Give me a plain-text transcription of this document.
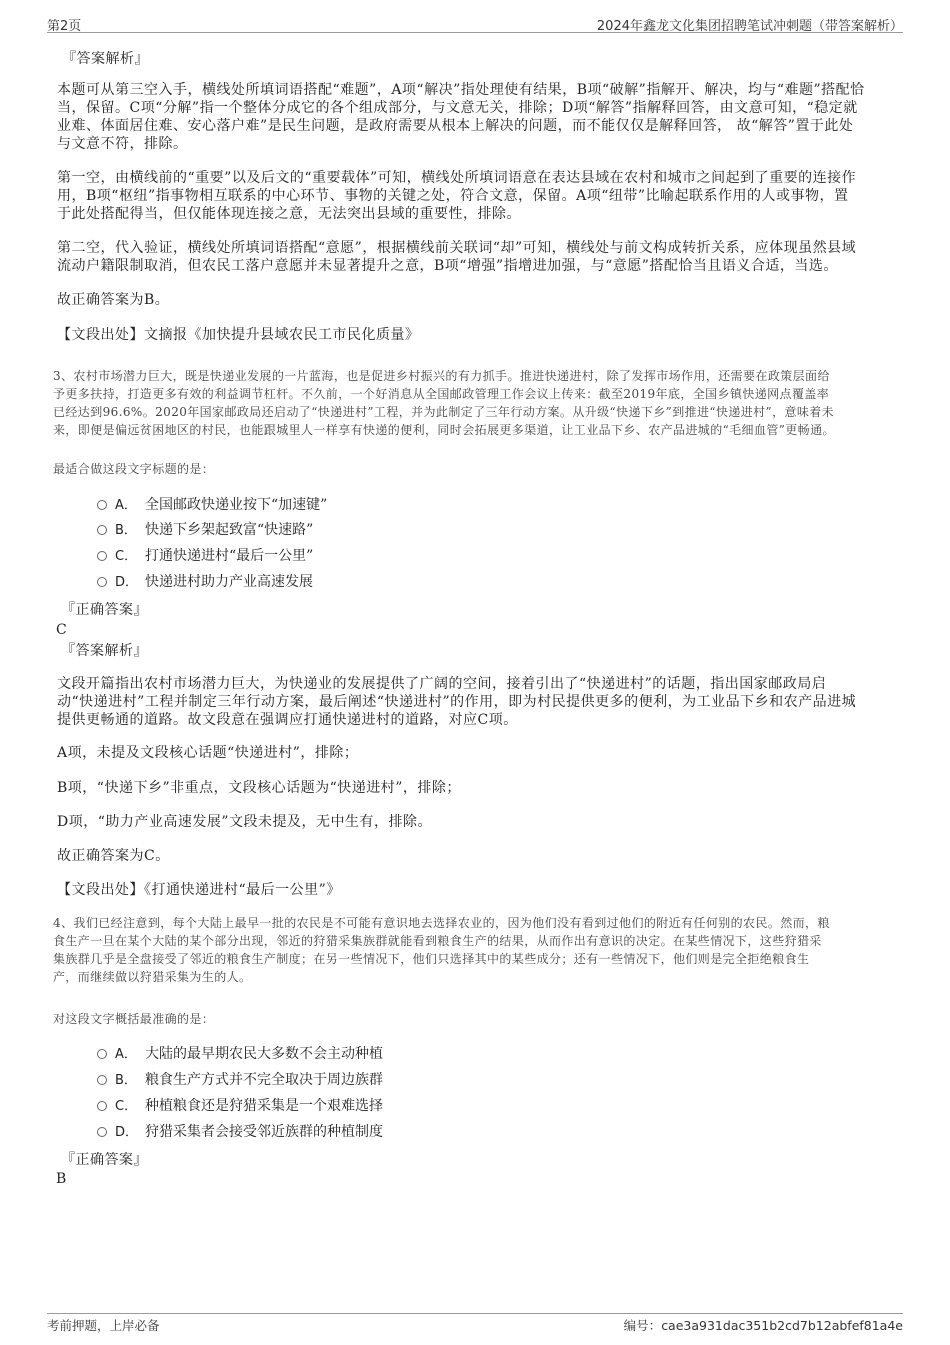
第2页	2024年鑫龙文化集团招聘笔试冲刺题（带答案解析）
『答案解析』
本题可从第三空入手，横线处所填词语搭配“难题”，A项“解决”指处理使有结果，B项“破解”指解开、解决，均与“难题”搭配恰
当，保留。C项“分解”指一个整体分成它的各个组成部分，与文意无关，排除；D项“解答”指解释回答，由文意可知，“稳定就
业难、体面居住难、安心落户难”是民生问题，是政府需要从根本上解决的问题，而不能仅仅是解释回答， 故“解答”置于此处
与文意不符，排除。
第一空，由横线前的“重要”以及后文的“重要载体”可知，横线处所填词语意在表达县域在农村和城市之间起到了重要的连接作
用，B项“枢纽”指事物相互联系的中心环节、事物的关键之处，符合文意，保留。A项“纽带”比喻起联系作用的人或事物，置
于此处搭配得当，但仅能体现连接之意，无法突出县域的重要性，排除。
第二空，代入验证，横线处所填词语搭配“意愿”，根据横线前关联词“却”可知，横线处与前文构成转折关系，应体现虽然县域
流动户籍限制取消，但农民工落户意愿并未显著提升之意，B项“增强”指增进加强，与“意愿”搭配恰当且语义合适，当选。
故正确答案为B。
【文段出处】文摘报《加快提升县域农民工市民化质量》
3、农村市场潜力巨大，既是快递业发展的一片蓝海，也是促进乡村振兴的有力抓手。推进快递进村，除了发挥市场作用，还需要在政策层面给
予更多扶持，打造更多有效的利益调节杠杆。不久前，一个好消息从全国邮政管理工作会议上传来：截至2019年底，全国乡镇快递网点覆盖率
已经达到96.6%。2020年国家邮政局还启动了“快递进村”工程，并为此制定了三年行动方案。从升级“快递下乡”到推进“快递进村”，意味着未
来，即便是偏远贫困地区的村民，也能跟城里人一样享有快递的便利，同时会拓展更多渠道，让工业品下乡、农产品进城的“毛细血管”更畅通。
最适合做这段文字标题的是：
A． 全国邮政快递业按下“加速键”
B． 快递下乡架起致富“快速路”
C． 打通快递进村“最后一公里”
D． 快递进村助力产业高速发展
『正确答案』
C
『答案解析』
文段开篇指出农村市场潜力巨大，为快递业的发展提供了广阔的空间，接着引出了“快递进村”的话题，指出国家邮政局启
动“快递进村”工程并制定三年行动方案，最后阐述“快递进村”的作用，即为村民提供更多的便利，为工业品下乡和农产品进城
提供更畅通的道路。故文段意在强调应打通快递进村的道路，对应C项。
A项，未提及文段核心话题“快递进村”，排除；
B项，“快递下乡”非重点，文段核心话题为“快递进村”，排除；
D项，“助力产业高速发展”文段未提及，无中生有，排除。
故正确答案为C。
【文段出处】《打通快递进村“最后一公里”》
4、我们已经注意到，每个大陆上最早一批的农民是不可能有意识地去选择农业的，因为他们没有看到过他们的附近有任何别的农民。然而，粮
食生产一旦在某个大陆的某个部分出现，邻近的狩猎采集族群就能看到粮食生产的结果，从而作出有意识的决定。在某些情况下，这些狩猎采
集族群几乎是全盘接受了邻近的粮食生产制度；在另一些情况下，他们只选择其中的某些成分；还有一些情况下，他们则是完全拒绝粮食生
产，而继续做以狩猎采集为生的人。
对这段文字概括最准确的是：
A． 大陆的最早期农民大多数不会主动种植
B． 粮食生产方式并不完全取决于周边族群
C． 种植粮食还是狩猎采集是一个艰难选择
D． 狩猎采集者会接受邻近族群的种植制度
『正确答案』
B
考前押题，上岸必备	编号：cae3a931dac351b2cd7b12abfef81a4e
